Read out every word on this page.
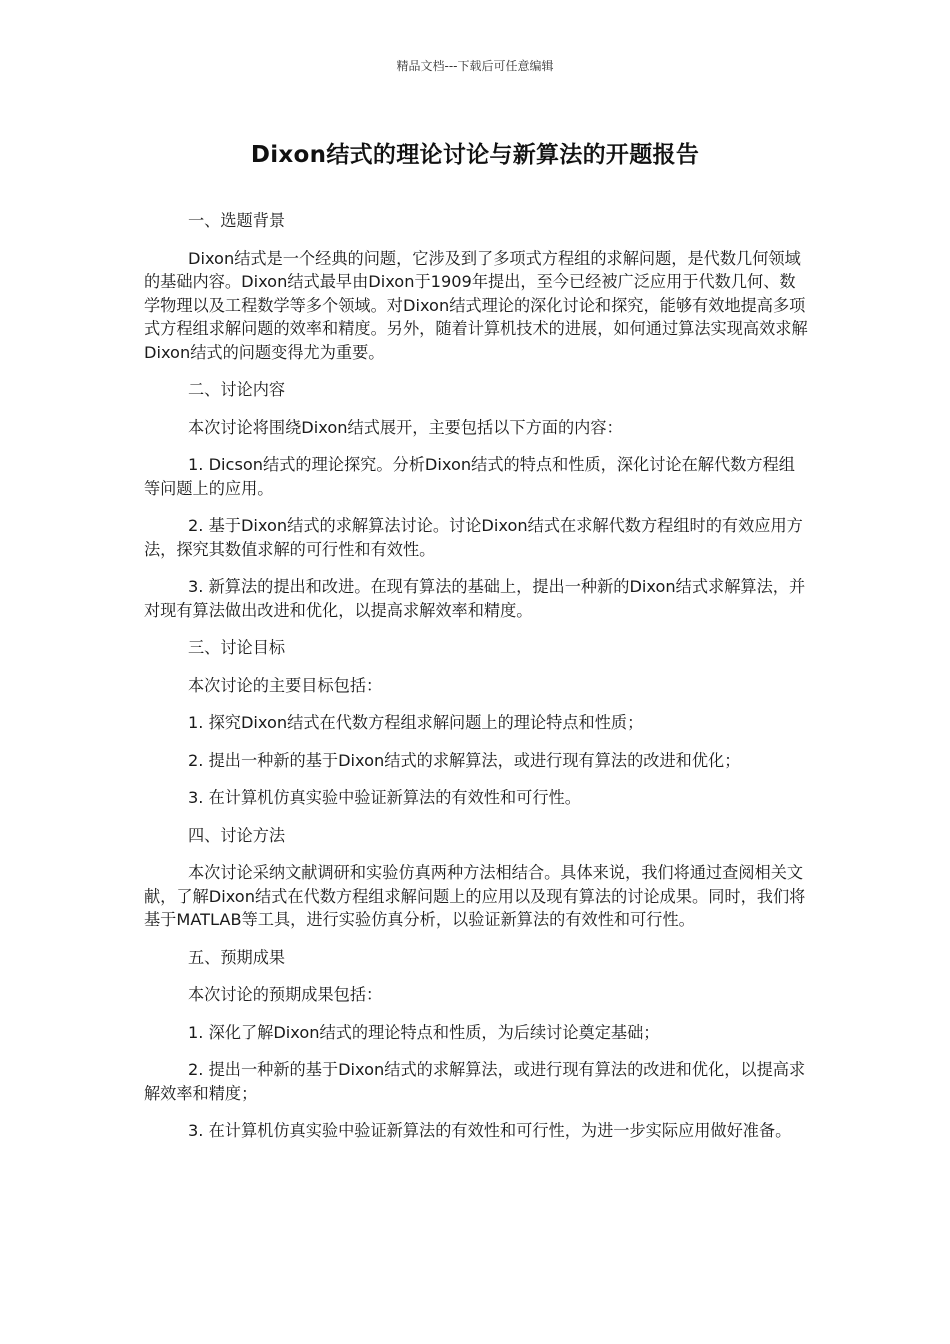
精品文档---下载后可任意编辑
Dixon结式的理论讨论与新算法的开题报告

一、选题背景

Dixon结式是一个经典的问题，它涉及到了多项式方程组的求解问题，是代数几何领域的基础内容。Dixon结式最早由Dixon于1909年提出，至今已经被广泛应用于代数几何、数学物理以及工程数学等多个领域。对Dixon结式理论的深化讨论和探究，能够有效地提高多项式方程组求解问题的效率和精度。另外，随着计算机技术的进展，如何通过算法实现高效求解Dixon结式的问题变得尤为重要。

二、讨论内容

本次讨论将围绕Dixon结式展开，主要包括以下方面的内容：

1. Dicson结式的理论探究。分析Dixon结式的特点和性质，深化讨论在解代数方程组等问题上的应用。

2. 基于Dixon结式的求解算法讨论。讨论Dixon结式在求解代数方程组时的有效应用方法，探究其数值求解的可行性和有效性。

3. 新算法的提出和改进。在现有算法的基础上，提出一种新的Dixon结式求解算法，并对现有算法做出改进和优化，以提高求解效率和精度。

三、讨论目标

本次讨论的主要目标包括：

1. 探究Dixon结式在代数方程组求解问题上的理论特点和性质；

2. 提出一种新的基于Dixon结式的求解算法，或进行现有算法的改进和优化；

3. 在计算机仿真实验中验证新算法的有效性和可行性。

四、讨论方法

本次讨论采纳文献调研和实验仿真两种方法相结合。具体来说，我们将通过查阅相关文献，了解Dixon结式在代数方程组求解问题上的应用以及现有算法的讨论成果。同时，我们将基于MATLAB等工具，进行实验仿真分析，以验证新算法的有效性和可行性。

五、预期成果

本次讨论的预期成果包括：

1. 深化了解Dixon结式的理论特点和性质，为后续讨论奠定基础；

2. 提出一种新的基于Dixon结式的求解算法，或进行现有算法的改进和优化，以提高求解效率和精度；

3. 在计算机仿真实验中验证新算法的有效性和可行性，为进一步实际应用做好准备。
